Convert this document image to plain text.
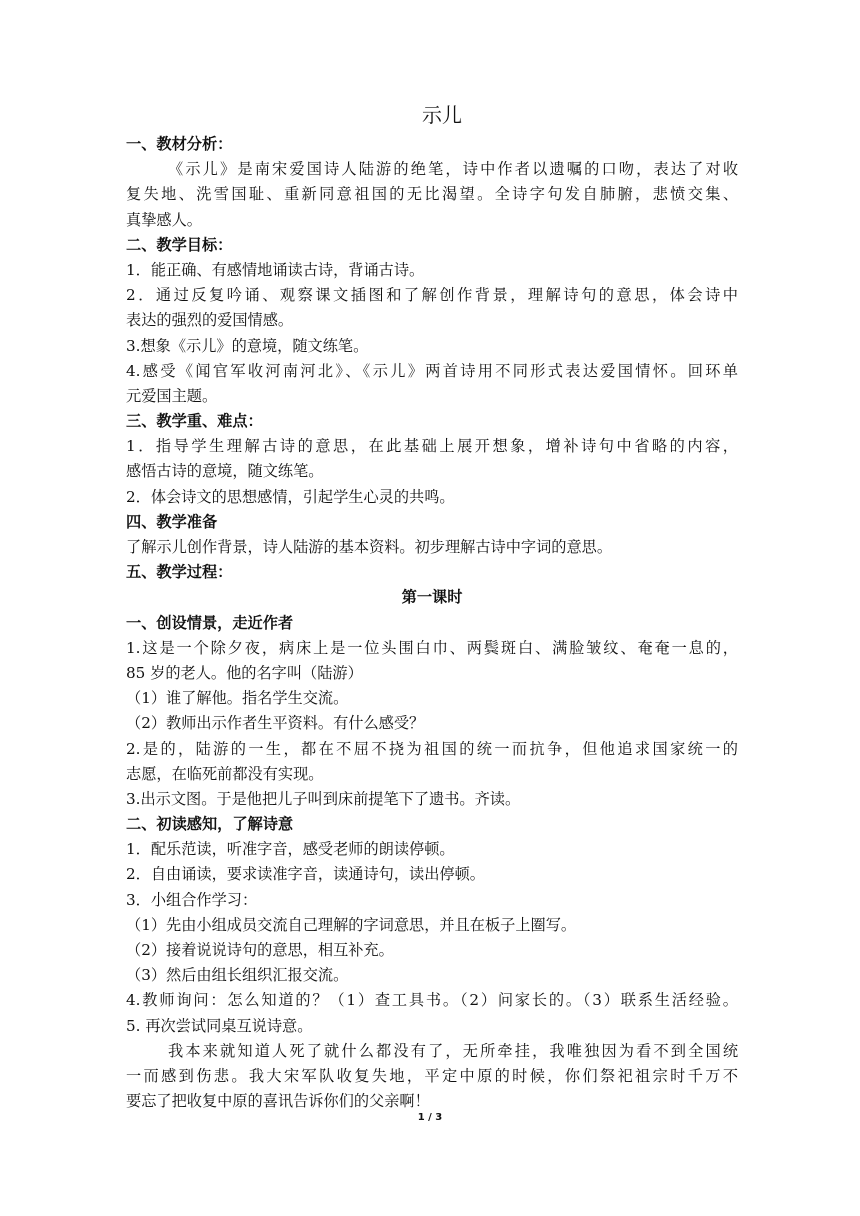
示儿
一、教材分析：
《示儿》是南宋爱国诗人陆游的绝笔，诗中作者以遗嘱的口吻，表达了对收
复失地、洗雪国耻、重新同意祖国的无比渴望。全诗字句发自肺腑，悲愤交集、
真挚感人。
二、教学目标：
1．能正确、有感情地诵读古诗，背诵古诗。
2．通过反复吟诵、观察课文插图和了解创作背景，理解诗句的意思，体会诗中
表达的强烈的爱国情感。
3.想象《示儿》的意境，随文练笔。
4.感受《闻官军收河南河北》、《示儿》两首诗用不同形式表达爱国情怀。回环单
元爱国主题。
三、教学重、难点：
1．指导学生理解古诗的意思，在此基础上展开想象，增补诗句中省略的内容，
感悟古诗的意境，随文练笔。
2．体会诗文的思想感情，引起学生心灵的共鸣。
四、教学准备
了解示儿创作背景，诗人陆游的基本资料。初步理解古诗中字词的意思。
五、教学过程：
第一课时
一、创设情景，走近作者
1.这是一个除夕夜，病床上是一位头围白巾、两鬓斑白、满脸皱纹、奄奄一息的，
85 岁的老人。他的名字叫（陆游）
（1）谁了解他。指名学生交流。
（2）教师出示作者生平资料。有什么感受？
2.是的，陆游的一生，都在不屈不挠为祖国的统一而抗争，但他追求国家统一的
志愿，在临死前都没有实现。
3.出示文图。于是他把儿子叫到床前提笔下了遗书。齐读。
二、初读感知，了解诗意
1．配乐范读，听准字音，感受老师的朗读停顿。
2．自由诵读，要求读准字音，读通诗句，读出停顿。
3．小组合作学习：
（1）先由小组成员交流自己理解的字词意思，并且在板子上圈写。
（2）接着说说诗句的意思，相互补充。
（3）然后由组长组织汇报交流。
4.教师询问：怎么知道的？（1）查工具书。（2）问家长的。（3）联系生活经验。
5. 再次尝试同桌互说诗意。
我本来就知道人死了就什么都没有了，无所牵挂，我唯独因为看不到全国统
一而感到伤悲。我大宋军队收复失地，平定中原的时候，你们祭祀祖宗时千万不
要忘了把收复中原的喜讯告诉你们的父亲啊！
1 / 3
